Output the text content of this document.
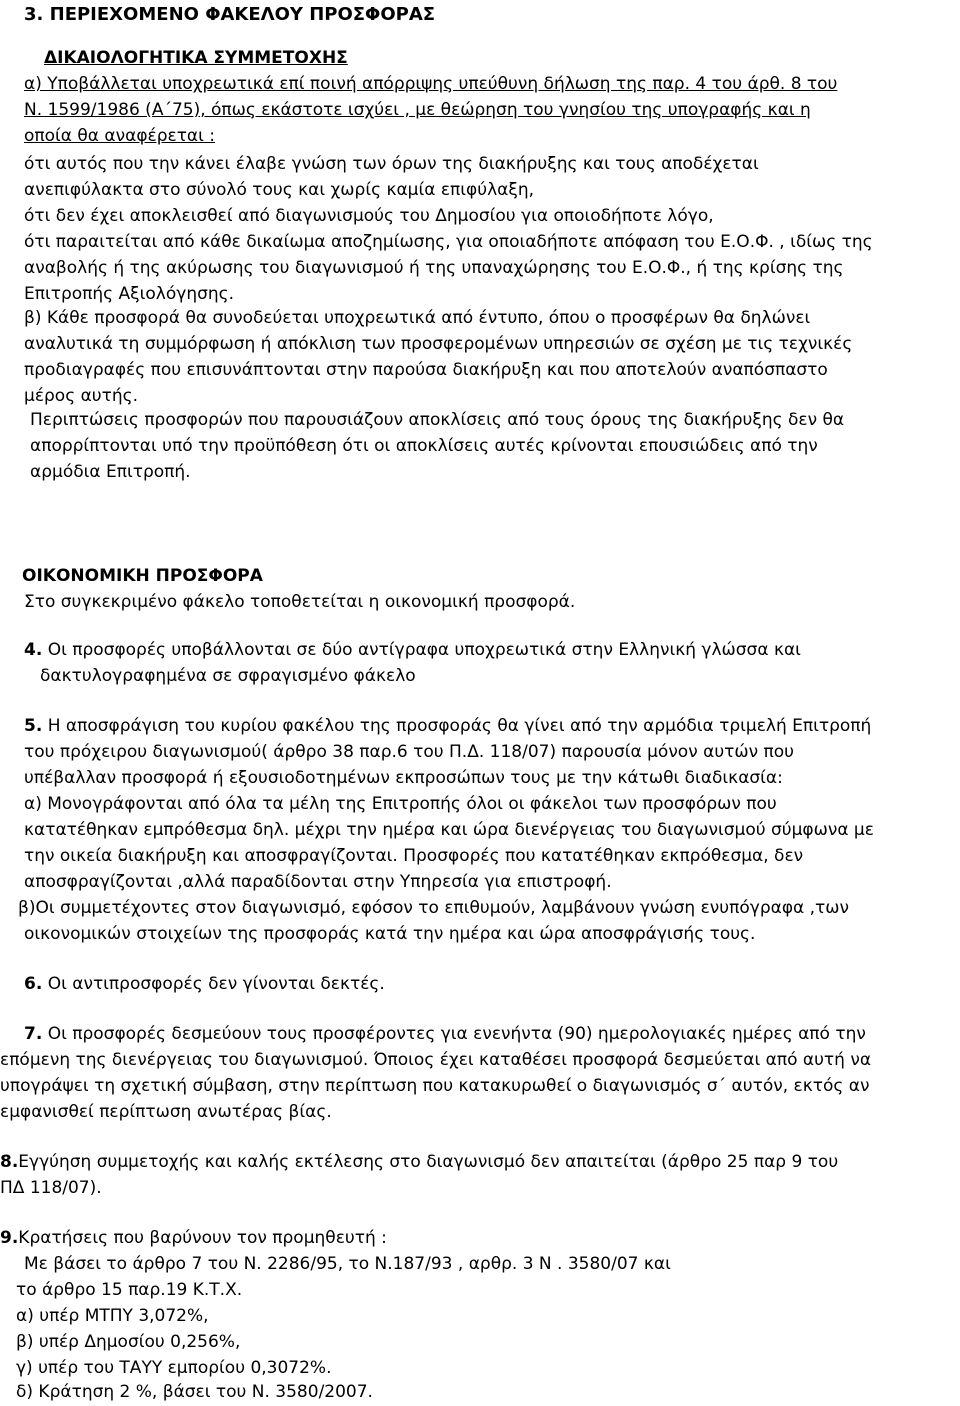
3. ΠΕΡΙΕΧΟΜΕΝΟ ΦΑΚΕΛΟΥ ΠΡΟΣΦΟΡΑΣ
ΔΙΚΑΙΟΛΟΓΗΤΙΚΑ ΣΥΜΜΕΤΟΧΗΣ
α) Υποβάλλεται υποχρεωτικά επί ποινή απόρριψης υπεύθυνη δήλωση της παρ. 4 του άρθ. 8 του
Ν. 1599/1986 (Α΄75), όπως εκάστοτε ισχύει , με θεώρηση του γνησίου της υπογραφής και η
οποία θα αναφέρεται :
ότι αυτός που την κάνει έλαβε γνώση των όρων της διακήρυξης και τους αποδέχεται
ανεπιφύλακτα στο σύνολό τους και χωρίς καμία επιφύλαξη,
ότι δεν έχει αποκλεισθεί από διαγωνισμούς του Δημοσίου για οποιοδήποτε λόγο,
ότι παραιτείται από κάθε δικαίωμα αποζημίωσης, για οποιαδήποτε απόφαση του Ε.Ο.Φ. , ιδίως της
αναβολής ή της ακύρωσης του διαγωνισμού ή της υπαναχώρησης του Ε.Ο.Φ., ή της κρίσης της
Επιτροπής Αξιολόγησης.
β) Κάθε προσφορά θα συνοδεύεται υποχρεωτικά από έντυπο, όπου ο προσφέρων θα δηλώνει
αναλυτικά τη συμμόρφωση ή απόκλιση των προσφερομένων υπηρεσιών σε σχέση με τις τεχνικές
προδιαγραφές που επισυνάπτονται στην παρούσα διακήρυξη και που αποτελούν αναπόσπαστο
μέρος αυτής.
Περιπτώσεις προσφορών που παρουσιάζουν αποκλίσεις από τους όρους της διακήρυξης δεν θα
απορρίπτονται υπό την προϋπόθεση ότι οι αποκλίσεις αυτές κρίνονται επουσιώδεις από την
αρμόδια Επιτροπή.
ΟΙΚΟΝΟΜΙΚΗ ΠΡΟΣΦΟΡΑ
Στο συγκεκριμένο φάκελο τοποθετείται η οικονομική προσφορά.
4. Οι προσφορές υποβάλλονται σε δύο αντίγραφα υποχρεωτικά στην Ελληνική γλώσσα και
δακτυλογραφημένα σε σφραγισμένο φάκελο
5. Η αποσφράγιση του κυρίου φακέλου της προσφοράς θα γίνει από την αρμόδια τριμελή Επιτροπή
του πρόχειρου διαγωνισμού( άρθρο 38 παρ.6 του Π.Δ. 118/07) παρουσία μόνον αυτών που
υπέβαλλαν προσφορά ή εξουσιοδοτημένων εκπροσώπων τους με την κάτωθι διαδικασία:
α) Μονογράφονται από όλα τα μέλη της Επιτροπής όλοι οι φάκελοι των προσφόρων που
κατατέθηκαν εμπρόθεσμα δηλ. μέχρι την ημέρα και ώρα διενέργειας του διαγωνισμού σύμφωνα με
την οικεία διακήρυξη και αποσφραγίζονται. Προσφορές που κατατέθηκαν εκπρόθεσμα, δεν
αποσφραγίζονται ,αλλά παραδίδονται στην Υπηρεσία για επιστροφή.
β)Οι συμμετέχοντες στον διαγωνισμό, εφόσον το επιθυμούν, λαμβάνουν γνώση ενυπόγραφα ,των
οικονομικών στοιχείων της προσφοράς κατά την ημέρα και ώρα αποσφράγισής τους.
6. Οι αντιπροσφορές δεν γίνονται δεκτές.
7. Οι προσφορές δεσμεύουν τους προσφέροντες για ενενήντα (90) ημερολογιακές ημέρες από την
επόμενη της διενέργειας του διαγωνισμού. Όποιος έχει καταθέσει προσφορά δεσμεύεται από αυτή να
υπογράψει τη σχετική σύμβαση, στην περίπτωση που κατακυρωθεί ο διαγωνισμός σ΄ αυτόν, εκτός αν
εμφανισθεί περίπτωση ανωτέρας βίας.
8.Εγγύηση συμμετοχής και καλής εκτέλεσης στο διαγωνισμό δεν απαιτείται (άρθρο 25 παρ 9 του
ΠΔ 118/07).
9.Κρατήσεις που βαρύνουν τον προμηθευτή :
Με βάσει το άρθρο 7 του Ν. 2286/95, το Ν.187/93 , αρθρ. 3 Ν . 3580/07 και
το άρθρο 15 παρ.19 Κ.Τ.Χ.
α) υπέρ ΜΤΠΥ 3,072%,
β) υπέρ Δημοσίου 0,256%,
γ) υπέρ του ΤΑΥΥ εμπορίου 0,3072%.
δ) Κράτηση 2 %, βάσει του Ν. 3580/2007.
